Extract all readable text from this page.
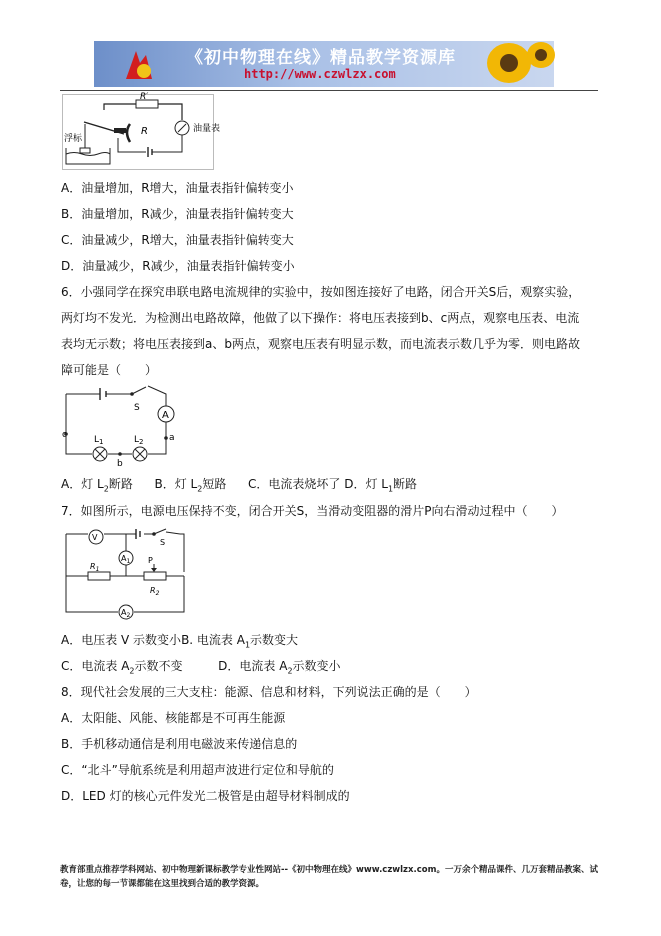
《初中物理在线》精品教学资源库
http://www.czwlzx.com
R′
R	油量表
浮标
A．油量增加，R增大，油量表指针偏转变小
B．油量增加，R减少，油量表指针偏转变大
C．油量减少，R增大，油量表指针偏转变大
D．油量减少，R减少，油量表指针偏转变小
6．小强同学在探究串联电路电流规律的实验中，按如图连接好了电路，闭合开关S后，观察实验，两灯均不发光．为检测出电路故障，他做了以下操作：将电压表接到b、c两点，观察电压表、电流表均无示数；将电压表接到a、b两点，观察电压表有明显示数，而电流表示数几乎为零．则电路故障可能是（　　）
S
A
c	a
b
$L_1$	$L_2$
A．灯 $L_2$断路 B．灯 $L_2$短路 C．电流表烧坏了 D．灯 $L_1$断路
7．如图所示，电源电压保持不变，闭合开关S，当滑动变阻器的滑片P向右滑动过程中（　　）
V
S
$A_1$
$R_1$
P
$R_2$
$A_2$
A．电压表 V 示数变小B. 电流表 $A_1$示数变大
C．电流表 $A_2$示数不变	D．电流表 $A_2$示数变小
8．现代社会发展的三大支柱：能源、信息和材料，下列说法正确的是（　　）
A．太阳能、风能、核能都是不可再生能源
B．手机移动通信是利用电磁波来传递信息的
C．“北斗”导航系统是利用超声波进行定位和导航的
D．LED 灯的核心元件发光二极管是由超导材料制成的
教育部重点推荐学科网站、初中物理新课标教学专业性网站--《初中物理在线》www.czwlzx.com。一万余个精品课件、几万套精品教案、试卷，让您的每一节课都能在这里找到合适的教学资源。
